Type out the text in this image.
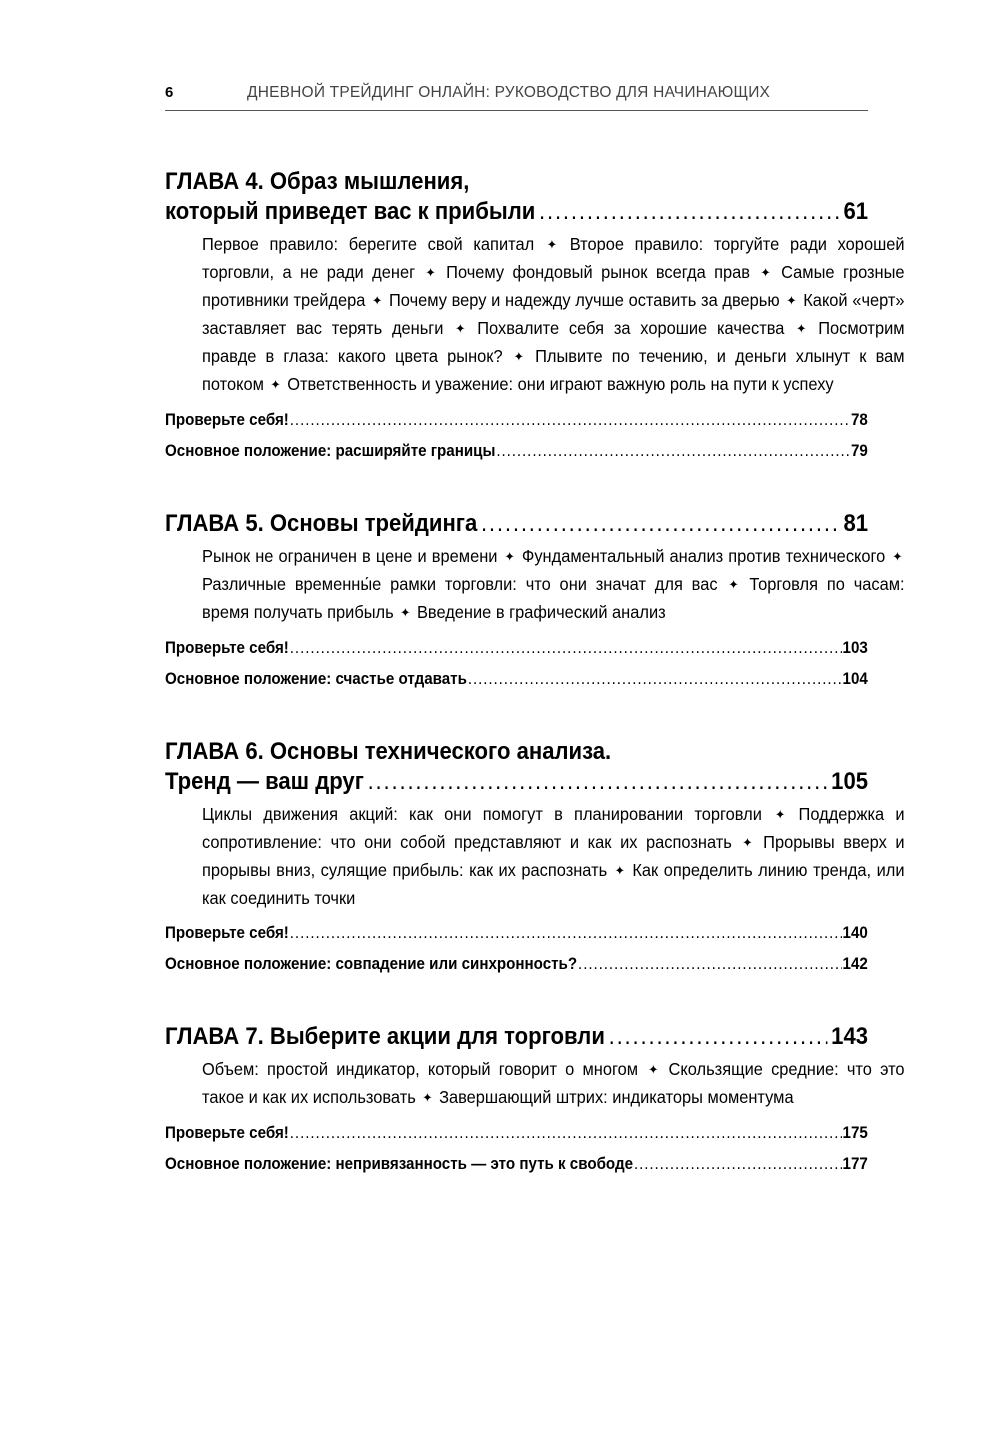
6	ДНЕВНОЙ ТРЕЙДИНГ ОНЛАЙН: РУКОВОДСТВО ДЛЯ НАЧИНАЮЩИХ
ГЛАВА 4. Образ мышления,
который приведет вас к прибыли .....	61
Первое правило: берегите свой капитал ✦ Второе правило: торгуйте ради хорошей торговли, а не ради денег ✦ Почему фондовый рынок всегда прав ✦ Самые грозные противники трейдера ✦ Почему веру и надежду лучше оставить за дверью ✦ Какой «черт» заставляет вас терять деньги ✦ Похвалите себя за хорошие качества ✦ Посмотрим правде в глаза: какого цвета рынок? ✦ Плывите по течению, и деньги хлынут к вам потоком ✦ Ответственность и уважение: они играют важную роль на пути к успеху
Проверьте себя! .....	78
Основное положение: расширяйте границы .....	79
ГЛАВА 5. Основы трейдинга .....	81
Рынок не ограничен в цене и времени ✦ Фундаментальный анализ против технического ✦ Различные временны́е рамки торговли: что они значат для вас ✦ Торговля по часам: время получать прибыль ✦ Введение в графический анализ
Проверьте себя! .....	103
Основное положение: счастье отдавать .....	104
ГЛАВА 6. Основы технического анализа.
Тренд — ваш друг .....	105
Циклы движения акций: как они помогут в планировании торговли ✦ Поддержка и сопротивление: что они собой представляют и как их распознать ✦ Прорывы вверх и прорывы вниз, сулящие прибыль: как их распознать ✦ Как определить линию тренда, или как соединить точки
Проверьте себя! .....	140
Основное положение: совпадение или синхронность? .....	142
ГЛАВА 7. Выберите акции для торговли .....	143
Объем: простой индикатор, который говорит о многом ✦ Скользящие средние: что это такое и как их использовать ✦ Завершающий штрих: индикаторы моментума
Проверьте себя! .....	175
Основное положение: непривязанность — это путь к свободе .....	177
